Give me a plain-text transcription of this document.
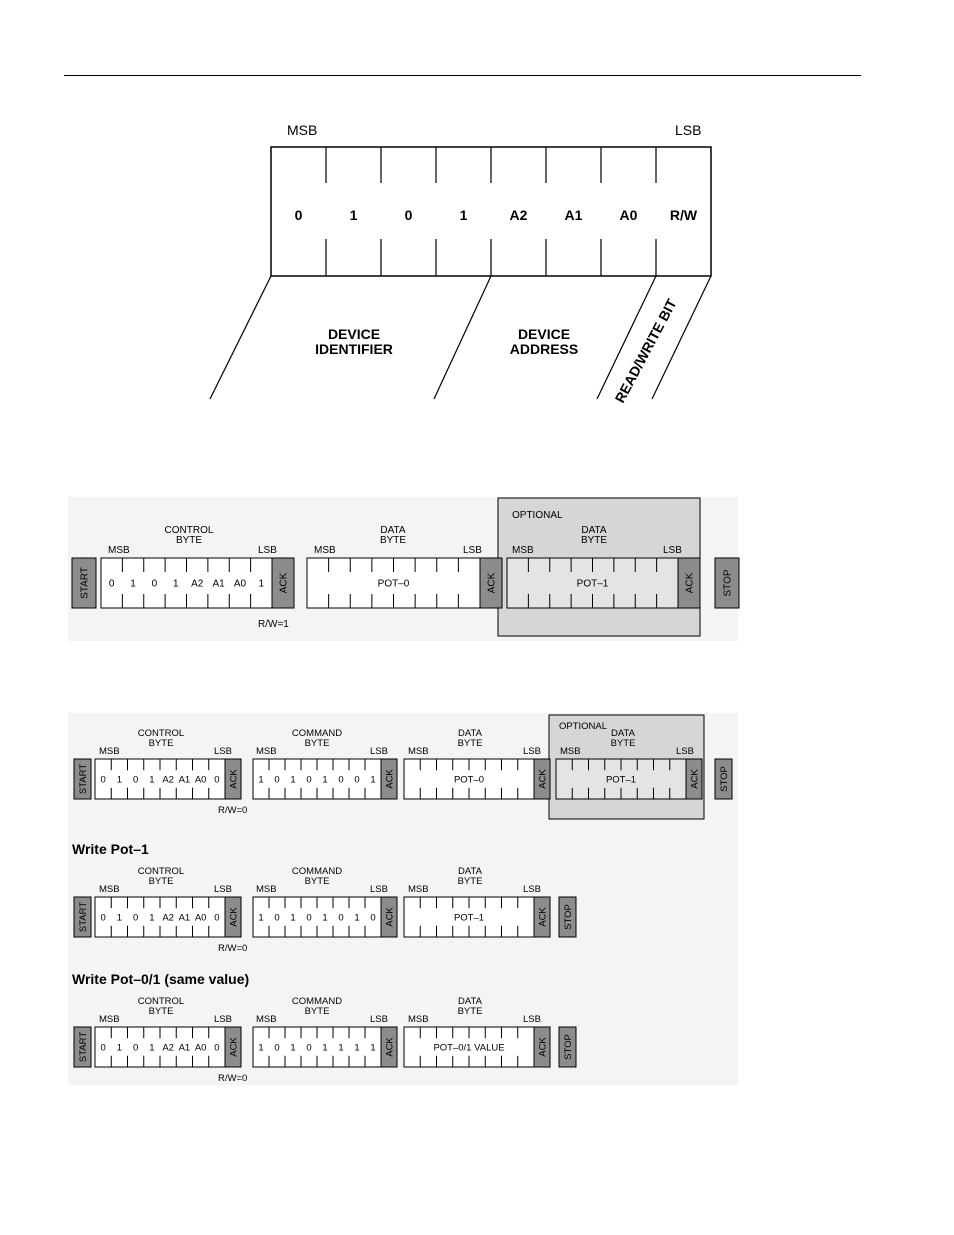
MSB	LSB
DEVICE
IDENTIFIER
DEVICE
ADDRESS READ/WRITE BIT
0	1	0	1	A2	A1	A0 R/W
OPTIONAL
START 0 1 0 1 A2 A1 A0 1 ACK
CONTROL
BYTE
MSB	LSB
R/W=1
POT–0	ACK
DATA
BYTE
MSB	LSB
POT–1	ACK
DATA
BYTE
MSB	LSB
STOP
OPTIONAL
START 0 1 0 1 A2 A1 A0 0 ACK
CONTROL
BYTE
MSB	LSB
R/W=0
1 0 1 0 1 0 0 1 ACK
COMMAND
BYTE
MSB	LSB
POT–0	ACK
DATA
BYTE
MSB	LSB
POT–1	ACK
DATA
BYTE
MSB	LSB
STOP
START 0 1 0 1 A2 A1 A0 0 ACK
CONTROL
BYTE
MSB	LSB
R/W=0
1 0 1 0 1 0 1 0 ACK
COMMAND
BYTE
MSB	LSB
POT–1	ACK
DATA
BYTE
MSB	LSB
STOP
START 0 1 0 1 A2 A1 A0 0 ACK
CONTROL
BYTE
MSB	LSB
R/W=0
1 0 1 0 1 1 1 1 ACK
COMMAND
BYTE
MSB	LSB
POT–0/1 VALUE	ACK
DATA
BYTE
MSB	LSB
STOP
Write Pot–1
Write Pot–0/1 (same value)
